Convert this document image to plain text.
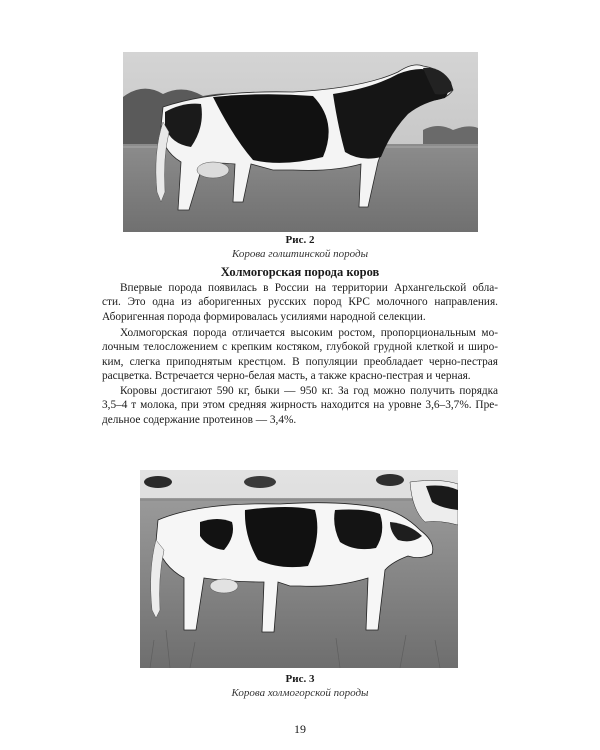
Рис. 2
Корова голштинской породы
Холмогорская порода коров
Впервые порода появилась в России на территории Архангельской обла-
сти. Это одна из аборигенных русских пород КРС молочного направления.
Аборигенная порода формировалась усилиями народной селекции.
Холмогорская порода отличается высоким ростом, пропорциональным мо-
лочным телосложением с крепким костяком, глубокой грудной клеткой и широ-
ким, слегка приподнятым крестцом. В популяции преобладает черно-пестрая
расцветка. Встречается черно-белая масть, а также красно-пестрая и черная.
Коровы достигают 590 кг, быки — 950 кг. За год можно получить порядка
3,5–4 т молока, при этом средняя жирность находится на уровне 3,6–3,7%. Пре-
дельное содержание протеинов — 3,4%.
Рис. 3
Корова холмогорской породы
19
